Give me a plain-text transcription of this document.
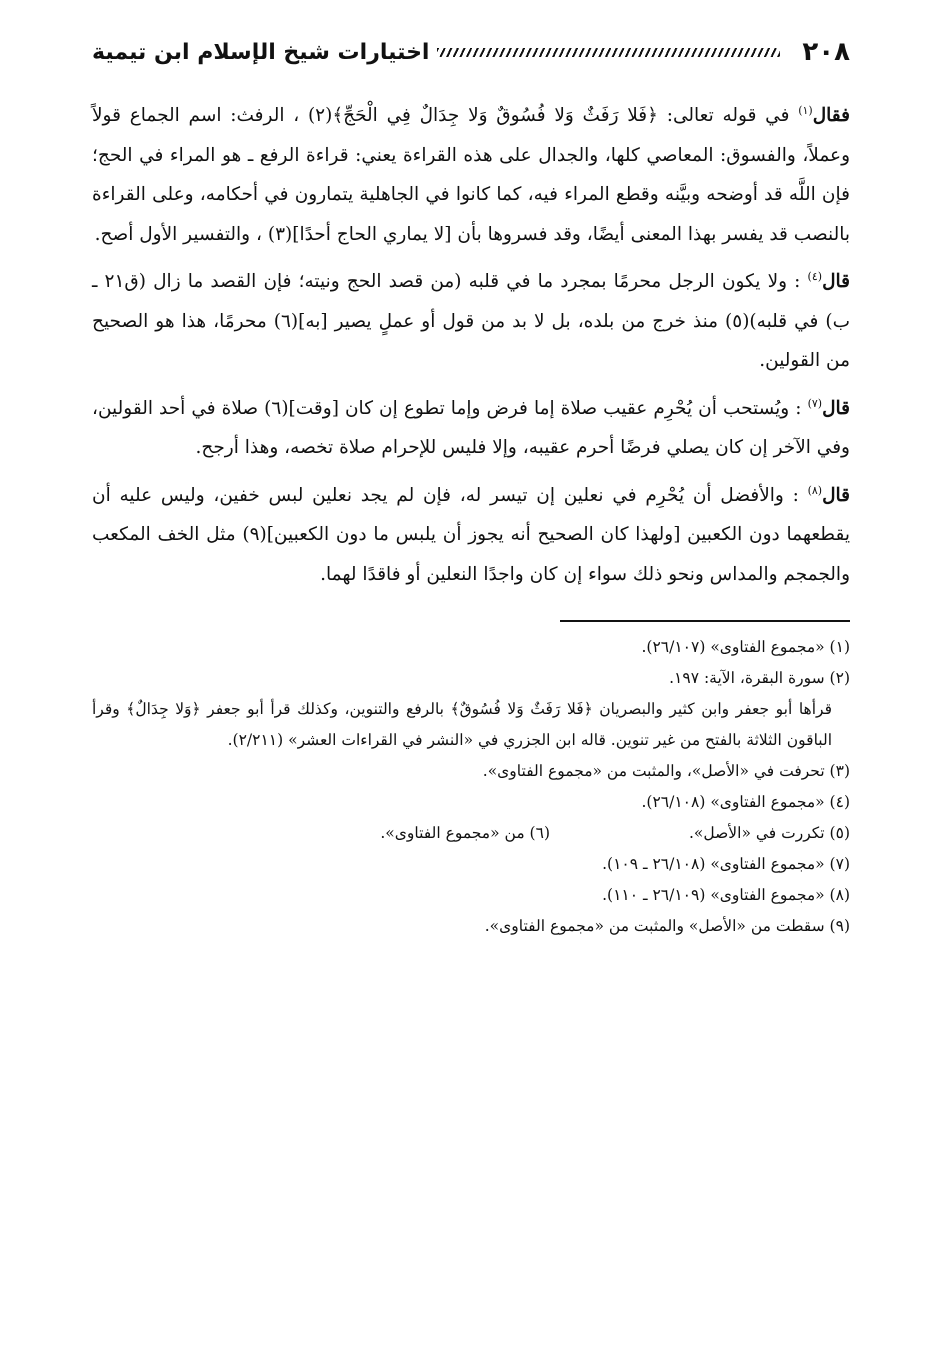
٢٠٨
اختيارات شيخ الإسلام ابن تيمية

فقال$^{(١)}$ في قوله تعالى: ﴿فَلا رَفَثٌ وَلا فُسُوقٌ وَلا جِدَالٌ فِي الْحَجِّ﴾(٢) ، الرفث: اسم الجماع قولاً وعملاً، والفسوق: المعاصي كلها، والجدال على هذه القراءة يعني: قراءة الرفع ـ هو المراء في الحج؛ فإن اللَّه قد أوضحه وبيَّنه وقطع المراء فيه، كما كانوا في الجاهلية يتمارون في أحكامه، وعلى القراءة بالنصب قد يفسر بهذا المعنى أيضًا، وقد فسروها بأن [لا يماري الحاج أحدًا](٣) ، والتفسير الأول أصح.

قال$^{(٤)}$ : ولا يكون الرجل محرمًا بمجرد ما في قلبه (من قصد الحج ونيته؛ فإن القصد ما زال (ق٢١ ـ ب) في قلبه)(٥) منذ خرج من بلده، بل لا بد من قول أو عملٍ يصير [به](٦) محرمًا، هذا هو الصحيح من القولين.

قال$^{(٧)}$ : ويُستحب أن يُحْرِم عقيب صلاة إما فرض وإما تطوع إن كان [وقت](٦) صلاة في أحد القولين، وفي الآخر إن كان يصلي فرضًا أحرم عقيبه، وإلا فليس للإحرام صلاة تخصه، وهذا أرجح.

قال$^{(٨)}$ : والأفضل أن يُحْرِم في نعلين إن تيسر له، فإن لم يجد نعلين لبس خفين، وليس عليه أن يقطعهما دون الكعبين [ولهذا كان الصحيح أنه يجوز أن يلبس ما دون الكعبين](٩) مثل الخف المكعب والجمجم والمداس ونحو ذلك سواء إن كان واجدًا النعلين أو فاقدًا لهما.

(١) «مجموع الفتاوى» (٢٦/١٠٧).

(٢) سورة البقرة، الآية: ١٩٧.

قرأها أبو جعفر وابن كثير والبصريان ﴿فَلا رَفَثٌ وَلا فُسُوقٌ﴾ بالرفع والتنوين، وكذلك قرأ أبو جعفر ﴿وَلا جِدَالٌ﴾ وقرأ الباقون الثلاثة بالفتح من غير تنوين. قاله ابن الجزري في «النشر في القراءات العشر» (٢/٢١١).

(٣) تحرفت في «الأصل»، والمثبت من «مجموع الفتاوى».

(٤) «مجموع الفتاوى» (٢٦/١٠٨).

(٥) تكررت في «الأصل».

(٦) من «مجموع الفتاوى».

(٧) «مجموع الفتاوى» (٢٦/١٠٨ ـ ١٠٩).

(٨) «مجموع الفتاوى» (٢٦/١٠٩ ـ ١١٠).

(٩) سقطت من «الأصل» والمثبت من «مجموع الفتاوى».
